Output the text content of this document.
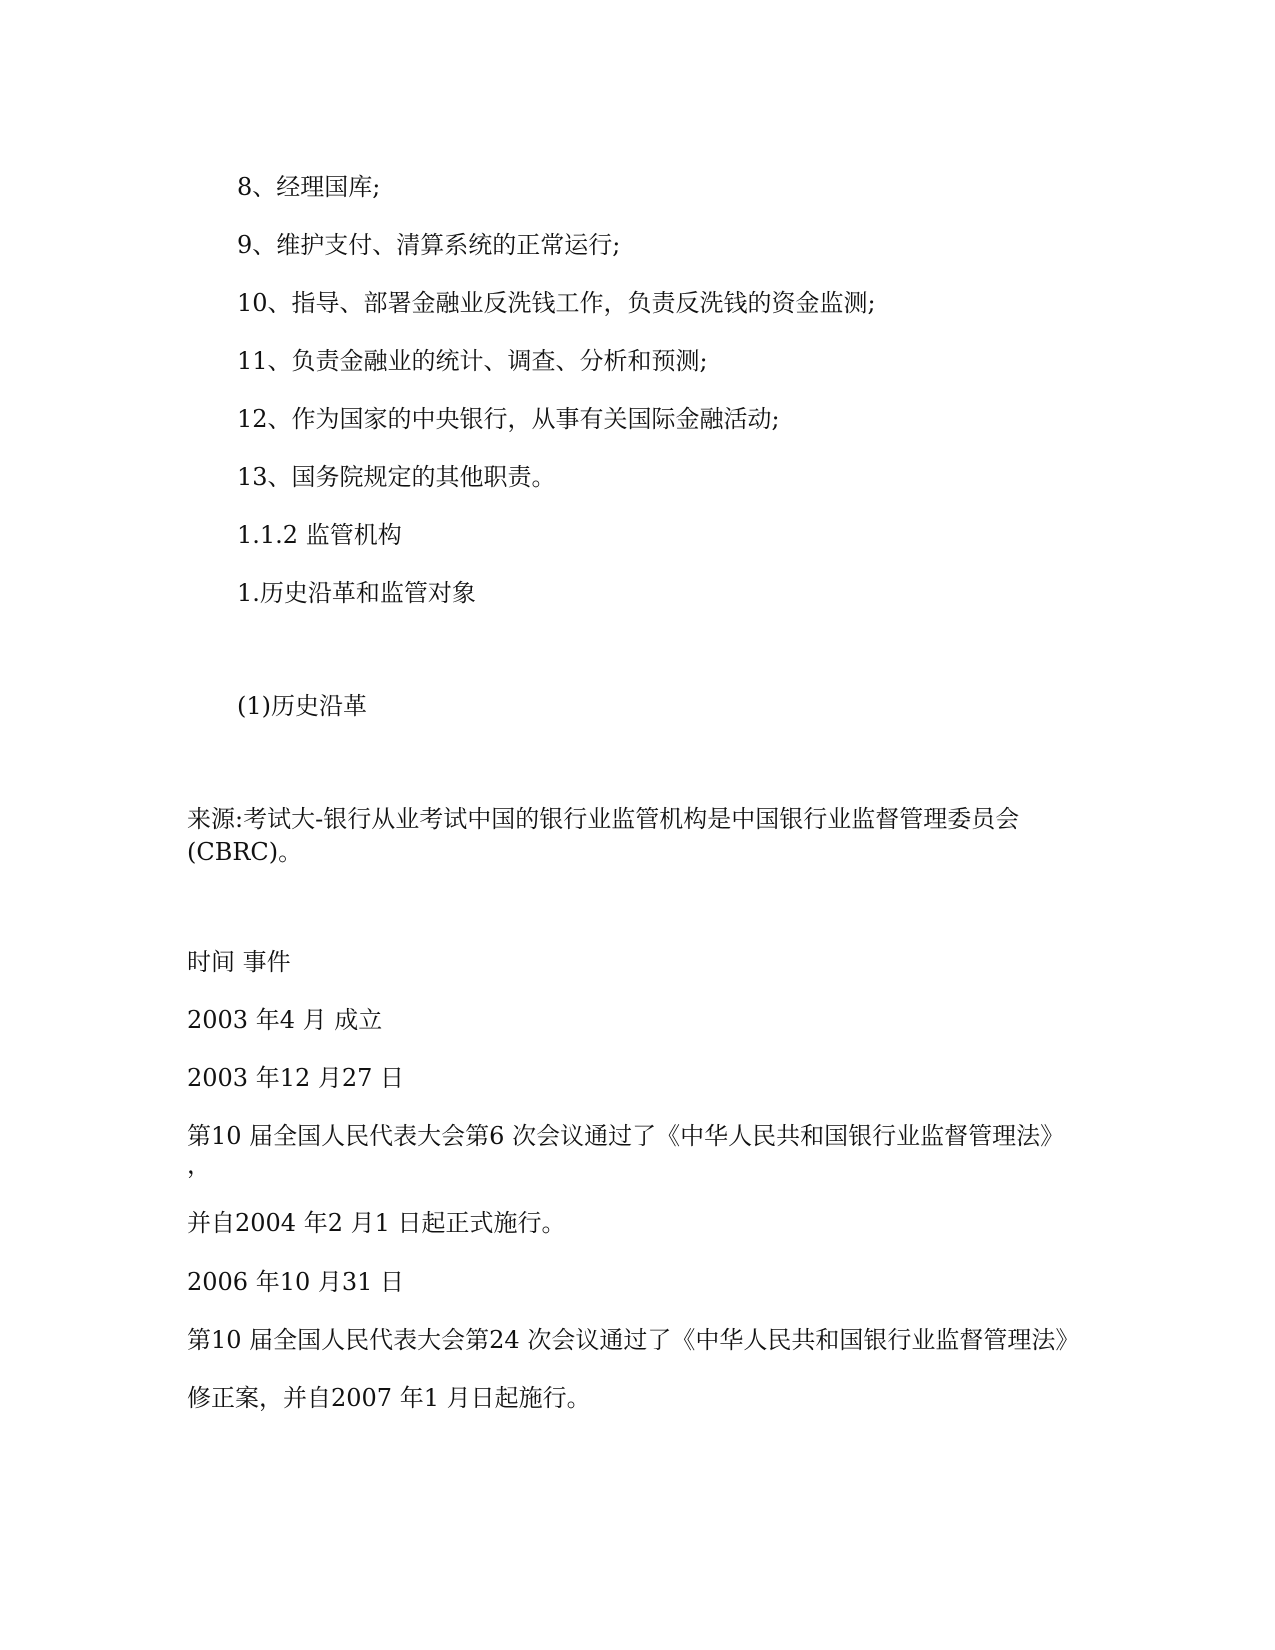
8、经理国库;

9、维护支付、清算系统的正常运行;

10、指导、部署金融业反洗钱工作，负责反洗钱的资金监测;

11、负责金融业的统计、调查、分析和预测;

12、作为国家的中央银行，从事有关国际金融活动;

13、国务院规定的其他职责。

1.1.2 监管机构

1.历史沿革和监管对象

(1)历史沿革

来源:考试大-银行从业考试中国的银行业监管机构是中国银行业监督管理委员会

(CBRC)。

时间 事件

2003 年4 月 成立

2003 年12 月27 日

第10 届全国人民代表大会第6 次会议通过了《中华人民共和国银行业监督管理法》

，

并自2004 年2 月1 日起正式施行。

2006 年10 月31 日

第10 届全国人民代表大会第24 次会议通过了《中华人民共和国银行业监督管理法》

修正案，并自2007 年1 月日起施行。
